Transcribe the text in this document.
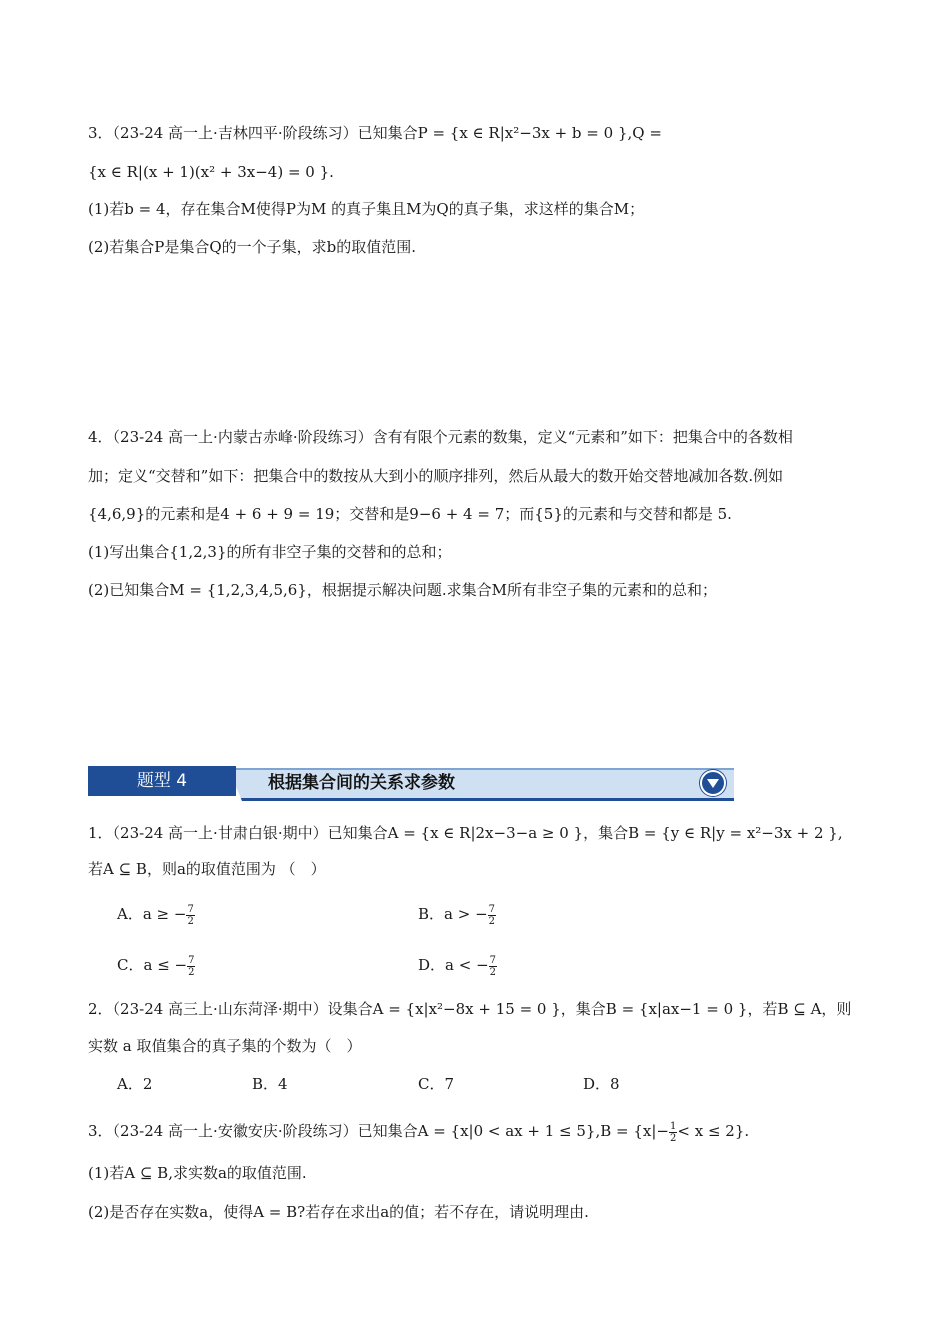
3．（23-24 高一上·吉林四平·阶段练习）已知集合P = {x ∈ R|x²−3x + b = 0 },Q =
{x ∈ R|(x + 1)(x² + 3x−4) = 0 }.
(1)若b = 4，存在集合M使得P为M 的真子集且M为Q的真子集，求这样的集合M；
(2)若集合P是集合Q的一个子集，求b的取值范围.
4．（23-24 高一上·内蒙古赤峰·阶段练习）含有有限个元素的数集，定义“元素和”如下：把集合中的各数相
加；定义“交替和”如下：把集合中的数按从大到小的顺序排列，然后从最大的数开始交替地减加各数.例如
{4,6,9}的元素和是4 + 6 + 9 = 19；交替和是9−6 + 4 = 7；而{5}的元素和与交替和都是 5.
(1)写出集合{1,2,3}的所有非空子集的交替和的总和；
(2)已知集合M = {1,2,3,4,5,6}，根据提示解决问题.求集合M所有非空子集的元素和的总和；
题型 4	根据集合间的关系求参数
1．（23-24 高一上·甘肃白银·期中）已知集合A = {x ∈ R|2x−3−a ≥ 0 }，集合B = {y ∈ R|y = x²−3x + 2 },
若A ⊆ B，则a的取值范围为 （　）
A．a ≥ − $\frac{7}{2}$	B．a > − $\frac{7}{2}$
C．a ≤ − $\frac{7}{2}$	D．a < − $\frac{7}{2}$
2．（23-24 高三上·山东菏泽·期中）设集合A = {x|x²−8x + 15 = 0 }，集合B = {x|ax−1 = 0 }，若B ⊆ A，则
实数 a 取值集合的真子集的个数为（　）
A．2	B．4	C．7	D．8
3．（23-24 高一上·安徽安庆·阶段练习）已知集合A = {x|0 < ax + $1 \le 5\},B = \{x|- \frac{1}{2} < x \le 2\}$.
(1)若A ⊆ B,求实数a的取值范围.
(2)是否存在实数a，使得A = B?若存在求出a的值；若不存在，请说明理由.
